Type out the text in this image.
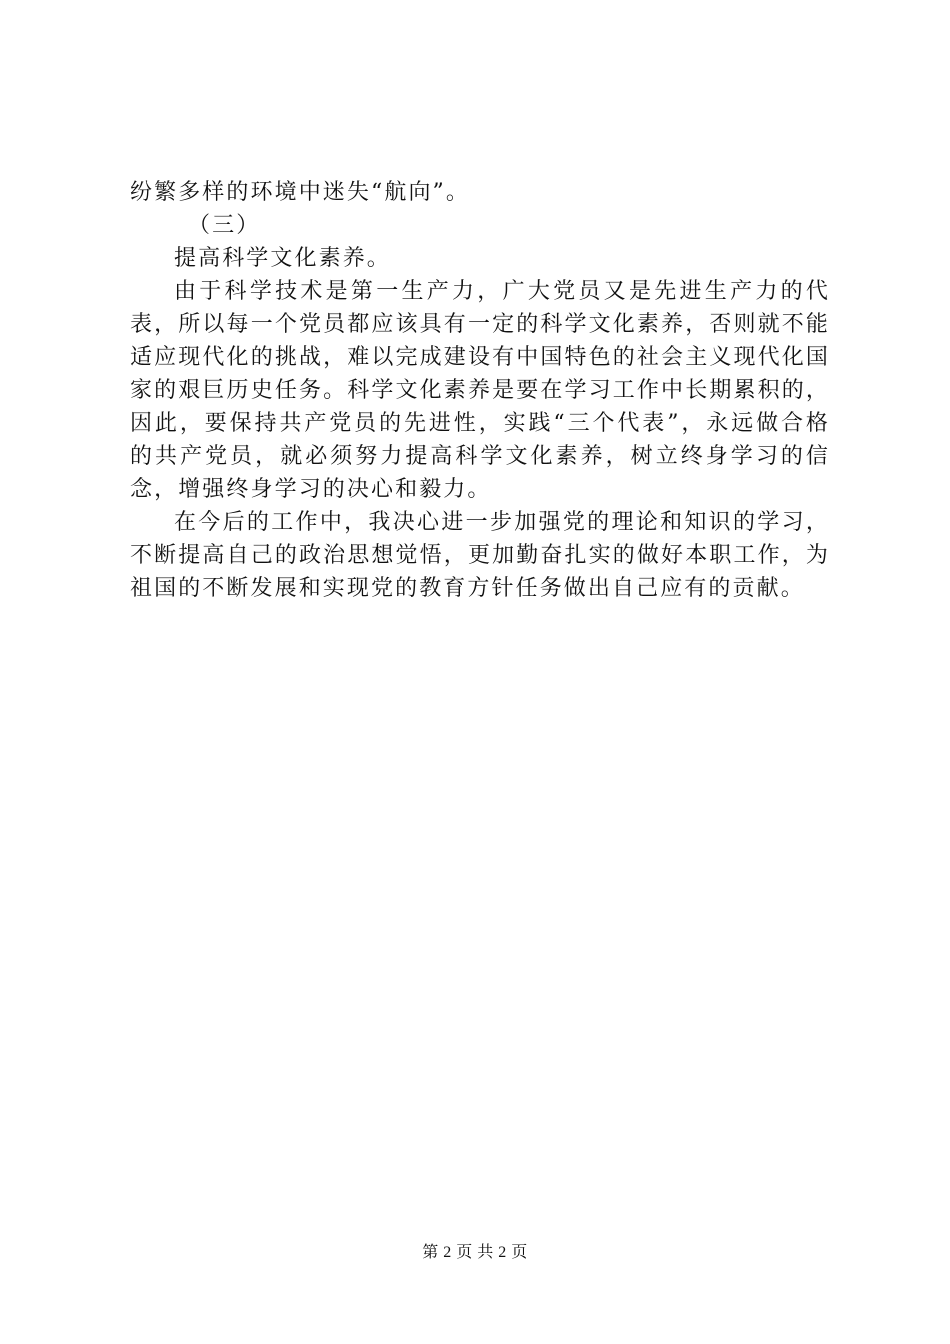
纷繁多样的环境中迷失“航向”。

（三）

提高科学文化素养。

由于科学技术是第一生产力，广大党员又是先进生产力的代表，所以每一个党员都应该具有一定的科学文化素养，否则就不能适应现代化的挑战，难以完成建设有中国特色的社会主义现代化国家的艰巨历史任务。科学文化素养是要在学习工作中长期累积的，因此，要保持共产党员的先进性，实践“三个代表”，永远做合格的共产党员，就必须努力提高科学文化素养，树立终身学习的信念，增强终身学习的决心和毅力。

在今后的工作中，我决心进一步加强党的理论和知识的学习，不断提高自己的政治思想觉悟，更加勤奋扎实的做好本职工作，为祖国的不断发展和实现党的教育方针任务做出自己应有的贡献。

第 2 页 共 2 页
